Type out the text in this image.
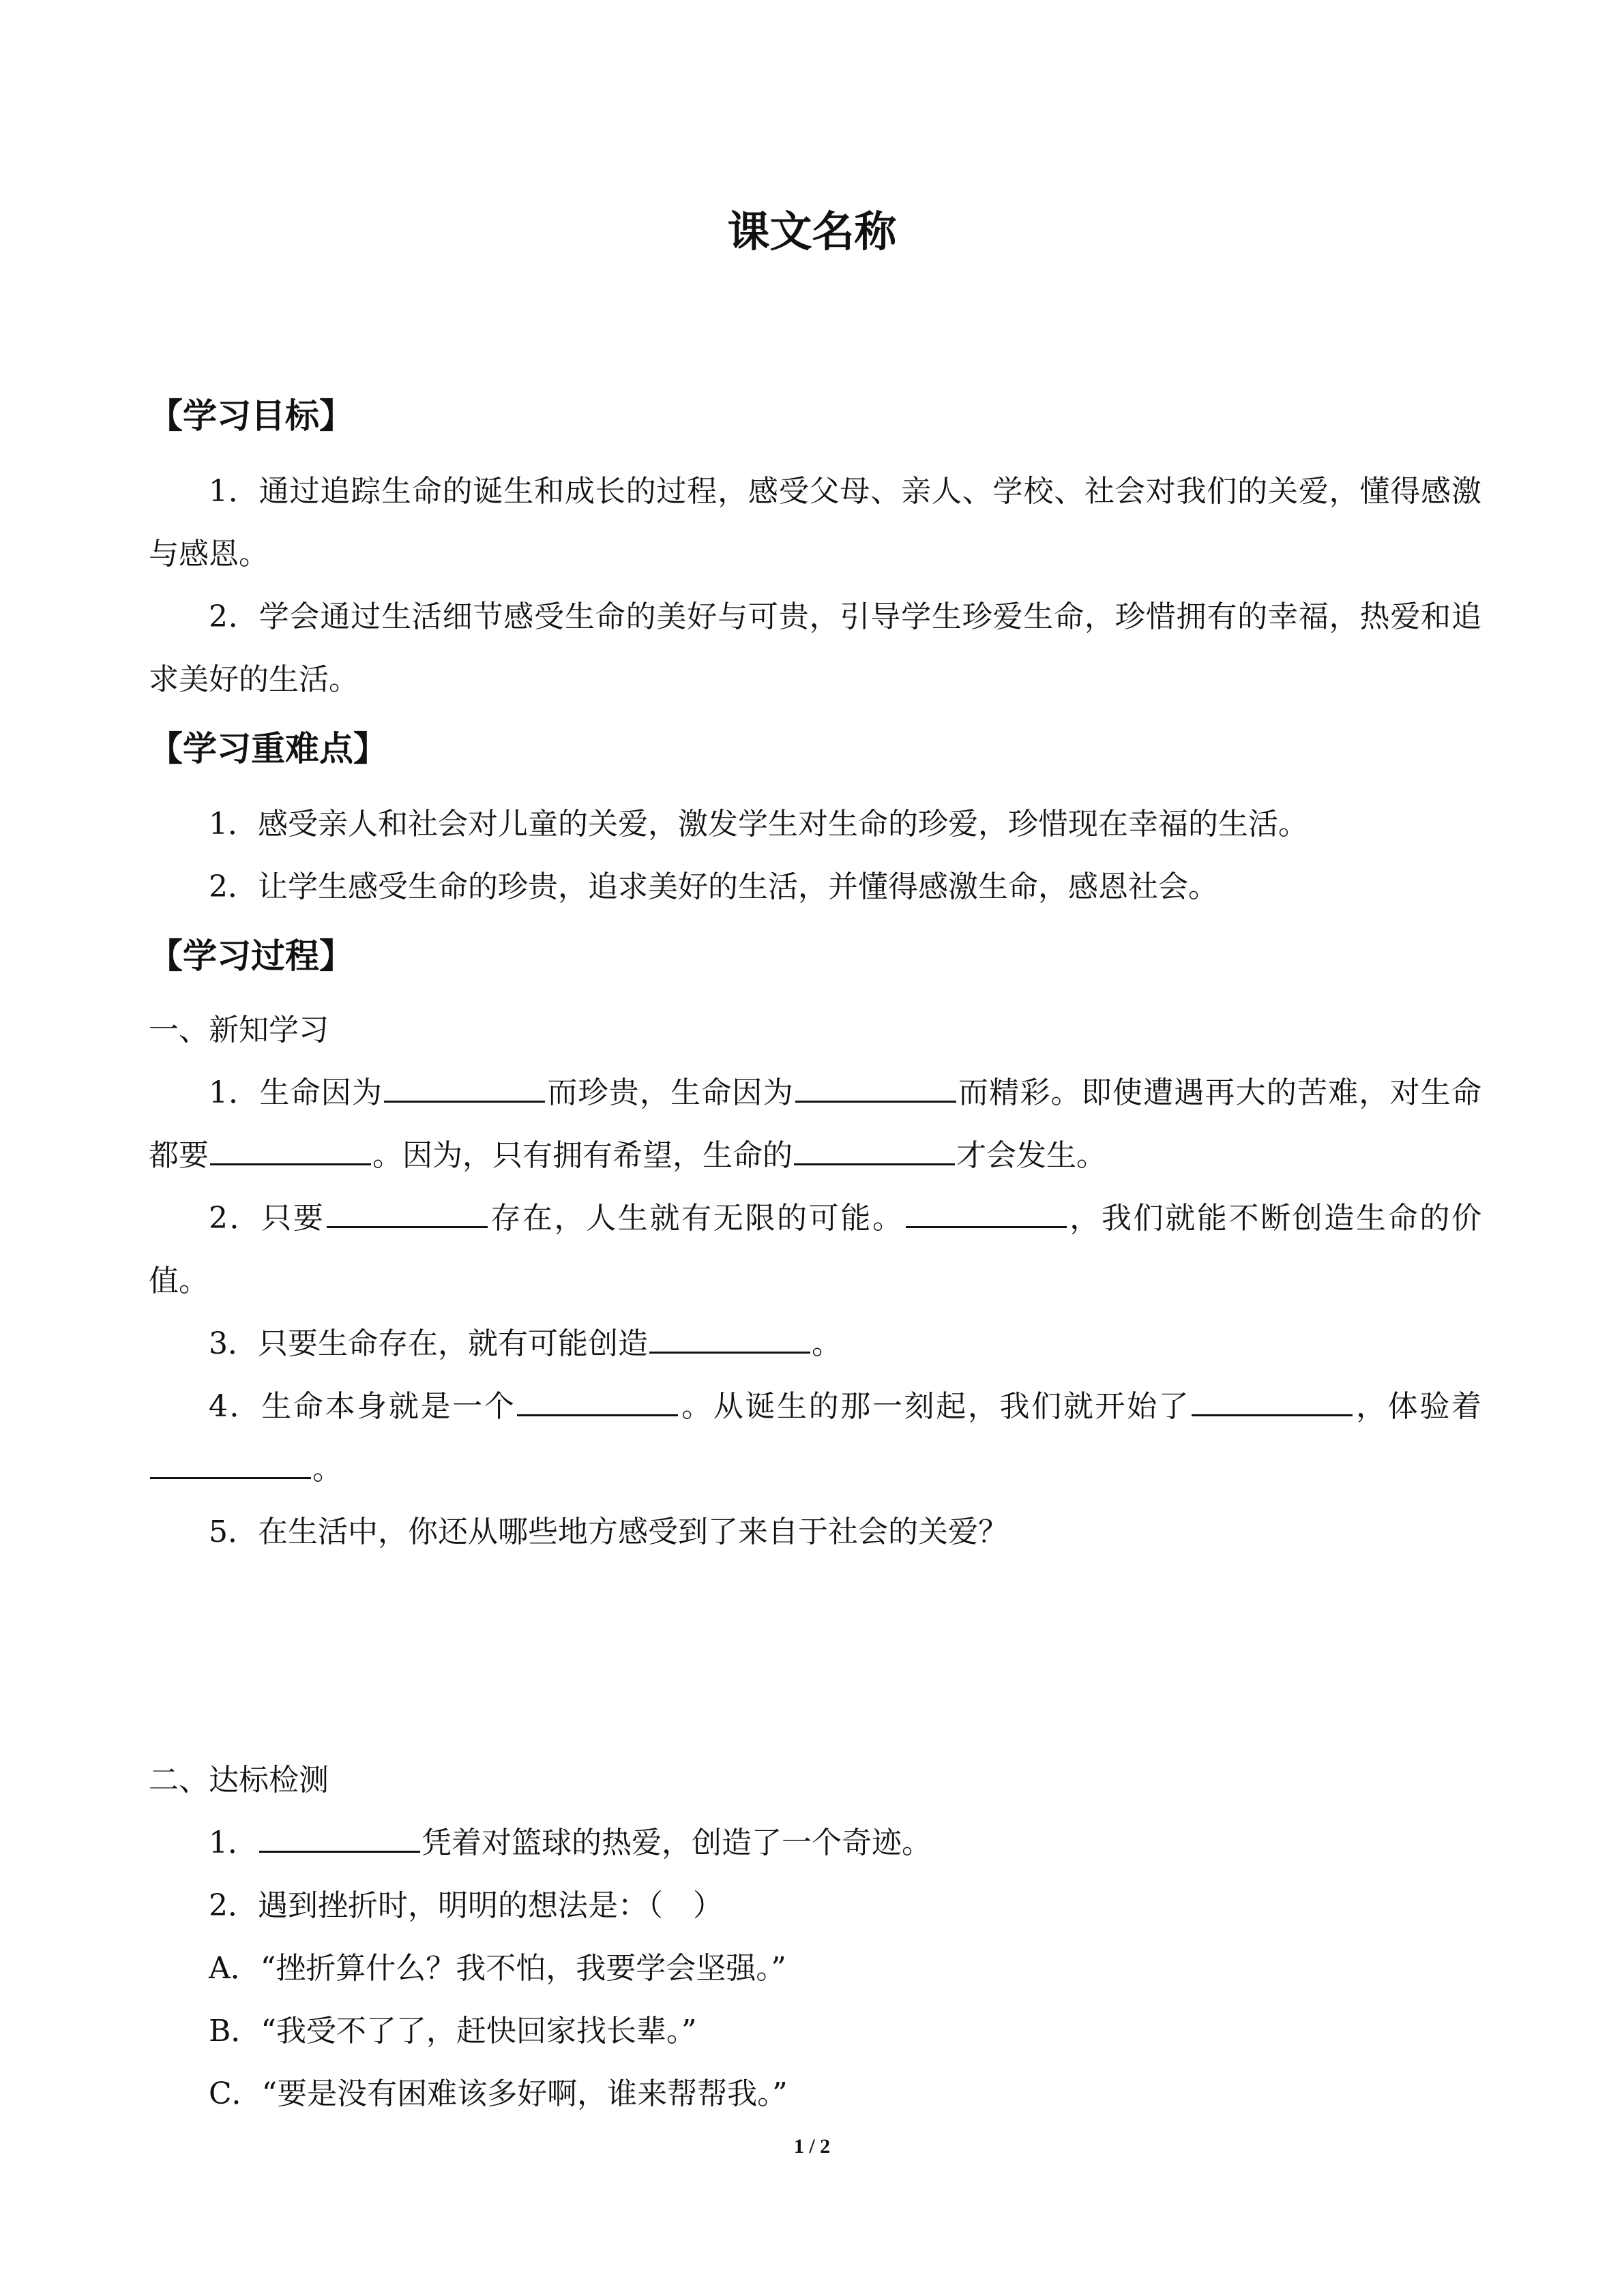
课文名称
【学习目标】

1．通过追踪生命的诞生和成长的过程，感受父母、亲人、学校、社会对我们的关爱，懂得感激与感恩。

2．学会通过生活细节感受生命的美好与可贵，引导学生珍爱生命，珍惜拥有的幸福，热爱和追求美好的生活。

【学习重难点】

1．感受亲人和社会对儿童的关爱，激发学生对生命的珍爱，珍惜现在幸福的生活。

2．让学生感受生命的珍贵，追求美好的生活，并懂得感激生命，感恩社会。

【学习过程】

一、新知学习

1．生命因为	而珍贵，生命因为	而精彩。即使遭遇再大的苦难，对生命都要	。因为，只有拥有希望，生命的	才会发生。

2．只要	存在，人生就有无限的可能。	，我们就能不断创造生命的价值。

3．只要生命存在，就有可能创造	。

4．生命本身就是一个	。从诞生的那一刻起，我们就开始了	，体验着。

5．在生活中，你还从哪些地方感受到了来自于社会的关爱？

二、达标检测

1．	凭着对篮球的热爱，创造了一个奇迹。

2．遇到挫折时，明明的想法是：（　）

A．“挫折算什么？我不怕，我要学会坚强。”

B．“我受不了了，赶快回家找长辈。”

C．“要是没有困难该多好啊，谁来帮帮我。”

1 / 2
